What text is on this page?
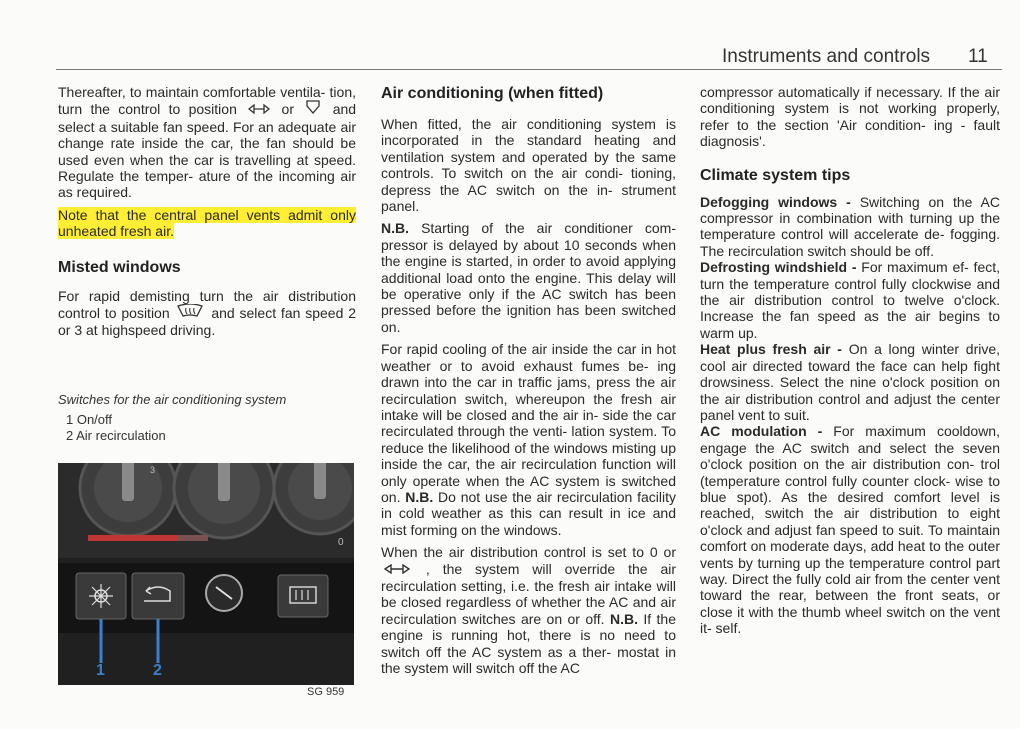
Instruments and controls 11

Thereafter, to maintain comfortable ventila- tion, turn the control to position	or	and select a suitable fan speed. For an adequate air change rate inside the car, the fan should be used even when the car is travelling at speed. Regulate the temper- ature of the incoming air as required.

Note that the central panel vents admit only unheated fresh air.

Misted windows

For rapid demisting turn the air distribution control to position	and select fan speed 2 or 3 at highspeed driving.

Switches for the air conditioning system
1 On/off
2 Air recirculation
3
0
1	2
SG 959
Air conditioning (when fitted)

When fitted, the air conditioning system is incorporated in the standard heating and ventilation system and operated by the same controls. To switch on the air condi- tioning, depress the AC switch on the in- strument panel.

N.B. Starting of the air conditioner com- pressor is delayed by about 10 seconds when the engine is started, in order to avoid applying additional load onto the engine. This delay will be operative only if the AC switch has been pressed before the ignition has been switched on.

For rapid cooling of the air inside the car in hot weather or to avoid exhaust fumes be- ing drawn into the car in traffic jams, press the air recirculation switch, whereupon the fresh air intake will be closed and the air in- side the car recirculated through the venti- lation system. To reduce the likelihood of the windows misting up inside the car, the air recirculation function will only operate when the AC system is switched on. N.B. Do not use the air recirculation facility in cold weather as this can result in ice and mist forming on the windows.

When the air distribution control is set to 0 or  , the system will override the air recirculation setting, i.e. the fresh air intake will be closed regardless of whether the AC and air recirculation switches are on or off. N.B. If the engine is running hot, there is no need to switch off the AC system as a ther- mostat in the system will switch off the AC

compressor automatically if necessary. If the air conditioning system is not working properly, refer to the section 'Air condition- ing - fault diagnosis'.

Climate system tips

Defogging windows - Switching on the AC compressor in combination with turning up the temperature control will accelerate de- fogging. The recirculation switch should be off.

Defrosting windshield - For maximum ef- fect, turn the temperature control fully clockwise and the air distribution control to twelve o'clock. Increase the fan speed as the air begins to warm up.

Heat plus fresh air - On a long winter drive, cool air directed toward the face can help fight drowsiness. Select the nine o'clock position on the air distribution control and adjust the center panel vent to suit.

AC modulation - For maximum cooldown, engage the AC switch and select the seven o'clock position on the air distribution con- trol (temperature control fully counter clock- wise to blue spot). As the desired comfort level is reached, switch the air distribution to eight o'clock and adjust fan speed to suit. To maintain comfort on moderate days, add heat to the outer vents by turning up the temperature control part way. Direct the fully cold air from the center vent toward the rear, between the front seats, or close it with the thumb wheel switch on the vent it- self.
